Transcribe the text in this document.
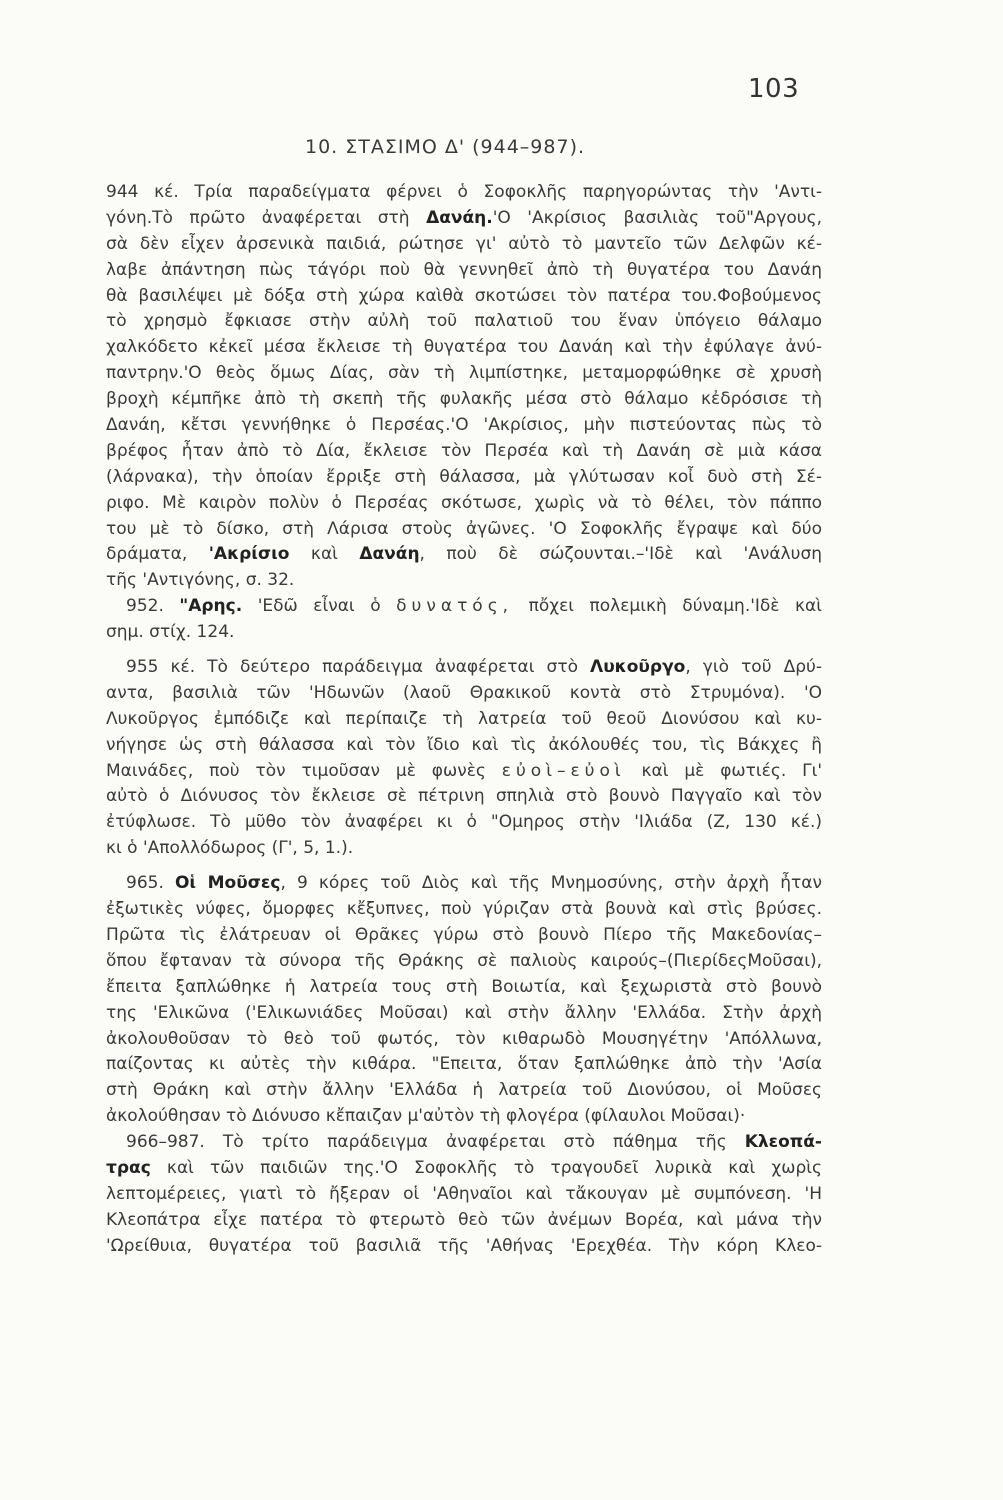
103
10. ΣΤΑΣΙΜΟ Δ' (944–987).
944 κέ. Τρία παραδείγματα φέρνει ὁ Σοφοκλῆς παρηγορώντας τὴν 'Αντι-
γόνη.Τὸ πρῶτο ἀναφέρεται στὴ Δανάη.'Ο 'Ακρίσιος βασιλιὰς τοῦ"Αργους,
σὰ δὲν εἶχεν ἀρσενικὰ παιδιά, ρώτησε γι' αὐτὸ τὸ μαντεῖο τῶν Δελφῶν κέ-
λαβε ἀπάντηση πὼς τάγόρι ποὺ θὰ γεννηθεῖ ἀπὸ τὴ θυγατέρα του Δανάη
θὰ βασιλέψει μὲ δόξα στὴ χώρα καὶθὰ σκοτώσει τὸν πατέρα του.Φοβούμενος
τὸ χρησμὸ ἔφκιασε στὴν αὐλὴ τοῦ παλατιοῦ του ἕναν ὑπόγειο θάλαμο
χαλκόδετο κἐκεῖ μέσα ἔκλεισε τὴ θυγατέρα του Δανάη καὶ τὴν ἐφύλαγε ἀνύ-
παντρην.'Ο θεὸς ὅμως Δίας, σὰν τὴ λιμπίστηκε, μεταμορφώθηκε σὲ χρυσὴ
βροχὴ κέμπῆκε ἀπὸ τὴ σκεπὴ τῆς φυλακῆς μέσα στὸ θάλαμο κἐδρόσισε τὴ
Δανάη, κἔτσι γεννήθηκε ὁ Περσέας.'Ο 'Ακρίσιος, μὴν πιστεύοντας πὼς τὸ
βρέφος ἦταν ἀπὸ τὸ Δία, ἔκλεισε τὸν Περσέα καὶ τὴ Δανάη σὲ μιὰ κάσα
(λάρνακα), τὴν ὁποίαν ἔρριξε στὴ θάλασσα, μὰ γλύτωσαν κοἶ δυὸ στὴ Σέ-
ριφο. Μὲ καιρὸν πολὺν ὁ Περσέας σκότωσε, χωρὶς νὰ τὸ θέλει, τὸν πάππο
του μὲ τὸ δίσκο, στὴ Λάρισα στοὺς ἀγῶνες. 'Ο Σοφοκλῆς ἔγραψε καὶ δύο
δράματα, 'Ακρίσιο καὶ Δανάη, ποὺ δὲ σώζουνται.–'Ιδὲ καὶ 'Ανάλυση
τῆς 'Αντιγόνης, σ. 32.
952. "Αρης. 'Εδῶ εἶναι ὁ δυνατός, πὄχει πολεμικὴ δύναμη.'Ιδὲ καὶ
σημ. στίχ. 124.
955 κέ. Τὸ δεύτερο παράδειγμα ἀναφέρεται στὸ Λυκοῦργο, γιὸ τοῦ Δρύ-
αντα, βασιλιὰ τῶν 'Ηδωνῶν (λαοῦ Θρακικοῦ κοντὰ στὸ Στρυμόνα). 'Ο
Λυκοῦργος ἐμπόδιζε καὶ περίπαιζε τὴ λατρεία τοῦ θεοῦ Διονύσου καὶ κυ-
νήγησε ὡς στὴ θάλασσα καὶ τὸν ἴδιο καὶ τὶς ἀκόλουθές του, τὶς Βάκχες ἢ
Μαινάδες, ποὺ τὸν τιμοῦσαν μὲ φωνὲς εὐοὶ–εὐοὶ καὶ μὲ φωτιές. Γι'
αὐτὸ ὁ Διόνυσος τὸν ἔκλεισε σὲ πέτρινη σπηλιὰ στὸ βουνὸ Παγγαῖο καὶ τὸν
ἐτύφλωσε. Τὸ μῦθο τὸν ἀναφέρει κι ὁ "Ομηρος στὴν 'Ιλιάδα (Ζ, 130 κέ.)
κι ὁ 'Απολλόδωρος (Γ', 5, 1.).
965. Οἱ Μοῦσες, 9 κόρες τοῦ Διὸς καὶ τῆς Μνημοσύνης, στὴν ἀρχὴ ἦταν
ἐξωτικὲς νύφες, ὄμορφες κἔξυπνες, ποὺ γύριζαν στὰ βουνὰ καὶ στὶς βρύσες.
Πρῶτα τὶς ἐλάτρευαν οἱ Θρᾶκες γύρω στὸ βουνὸ Πίερο τῆς Μακεδονίας–
ὅπου ἔφταναν τὰ σύνορα τῆς Θράκης σὲ παλιοὺς καιρούς–(ΠιερίδεςΜοῦσαι),
ἔπειτα ξαπλώθηκε ἡ λατρεία τους στὴ Βοιωτία, καὶ ξεχωριστὰ στὸ βουνὸ
της 'Ελικῶνα ('Ελικωνιάδες Μοῦσαι) καὶ στὴν ἄλλην 'Ελλάδα. Στὴν ἀρχὴ
ἀκολουθοῦσαν τὸ θεὸ τοῦ φωτός, τὸν κιθαρωδὸ Μουσηγέτην 'Απόλλωνα,
παίζοντας κι αὐτὲς τὴν κιθάρα. "Επειτα, ὅταν ξαπλώθηκε ἀπὸ τὴν 'Ασία
στὴ Θράκη καὶ στὴν ἄλλην 'Ελλάδα ἡ λατρεία τοῦ Διονύσου, οἱ Μοῦσες
ἀκολούθησαν τὸ Διόνυσο κἔπαιζαν μ'αὐτὸν τὴ φλογέρα (φίλαυλοι Μοῦσαι)·
966–987. Τὸ τρίτο παράδειγμα ἀναφέρεται στὸ πάθημα τῆς Κλεοπά-
τρας καὶ τῶν παιδιῶν της.'Ο Σοφοκλῆς τὸ τραγουδεῖ λυρικὰ καὶ χωρὶς
λεπτομέρειες, γιατὶ τὸ ἤξεραν οἱ 'Αθηναῖοι καὶ τἄκουγαν μὲ συμπόνεση. 'Η
Κλεοπάτρα εἶχε πατέρα τὸ φτερωτὸ θεὸ τῶν ἀνέμων Βορέα, καὶ μάνα τὴν
'Ωρείθυια, θυγατέρα τοῦ βασιλιᾶ τῆς 'Αθήνας 'Ερεχθέα. Τὴν κόρη Κλεο-
